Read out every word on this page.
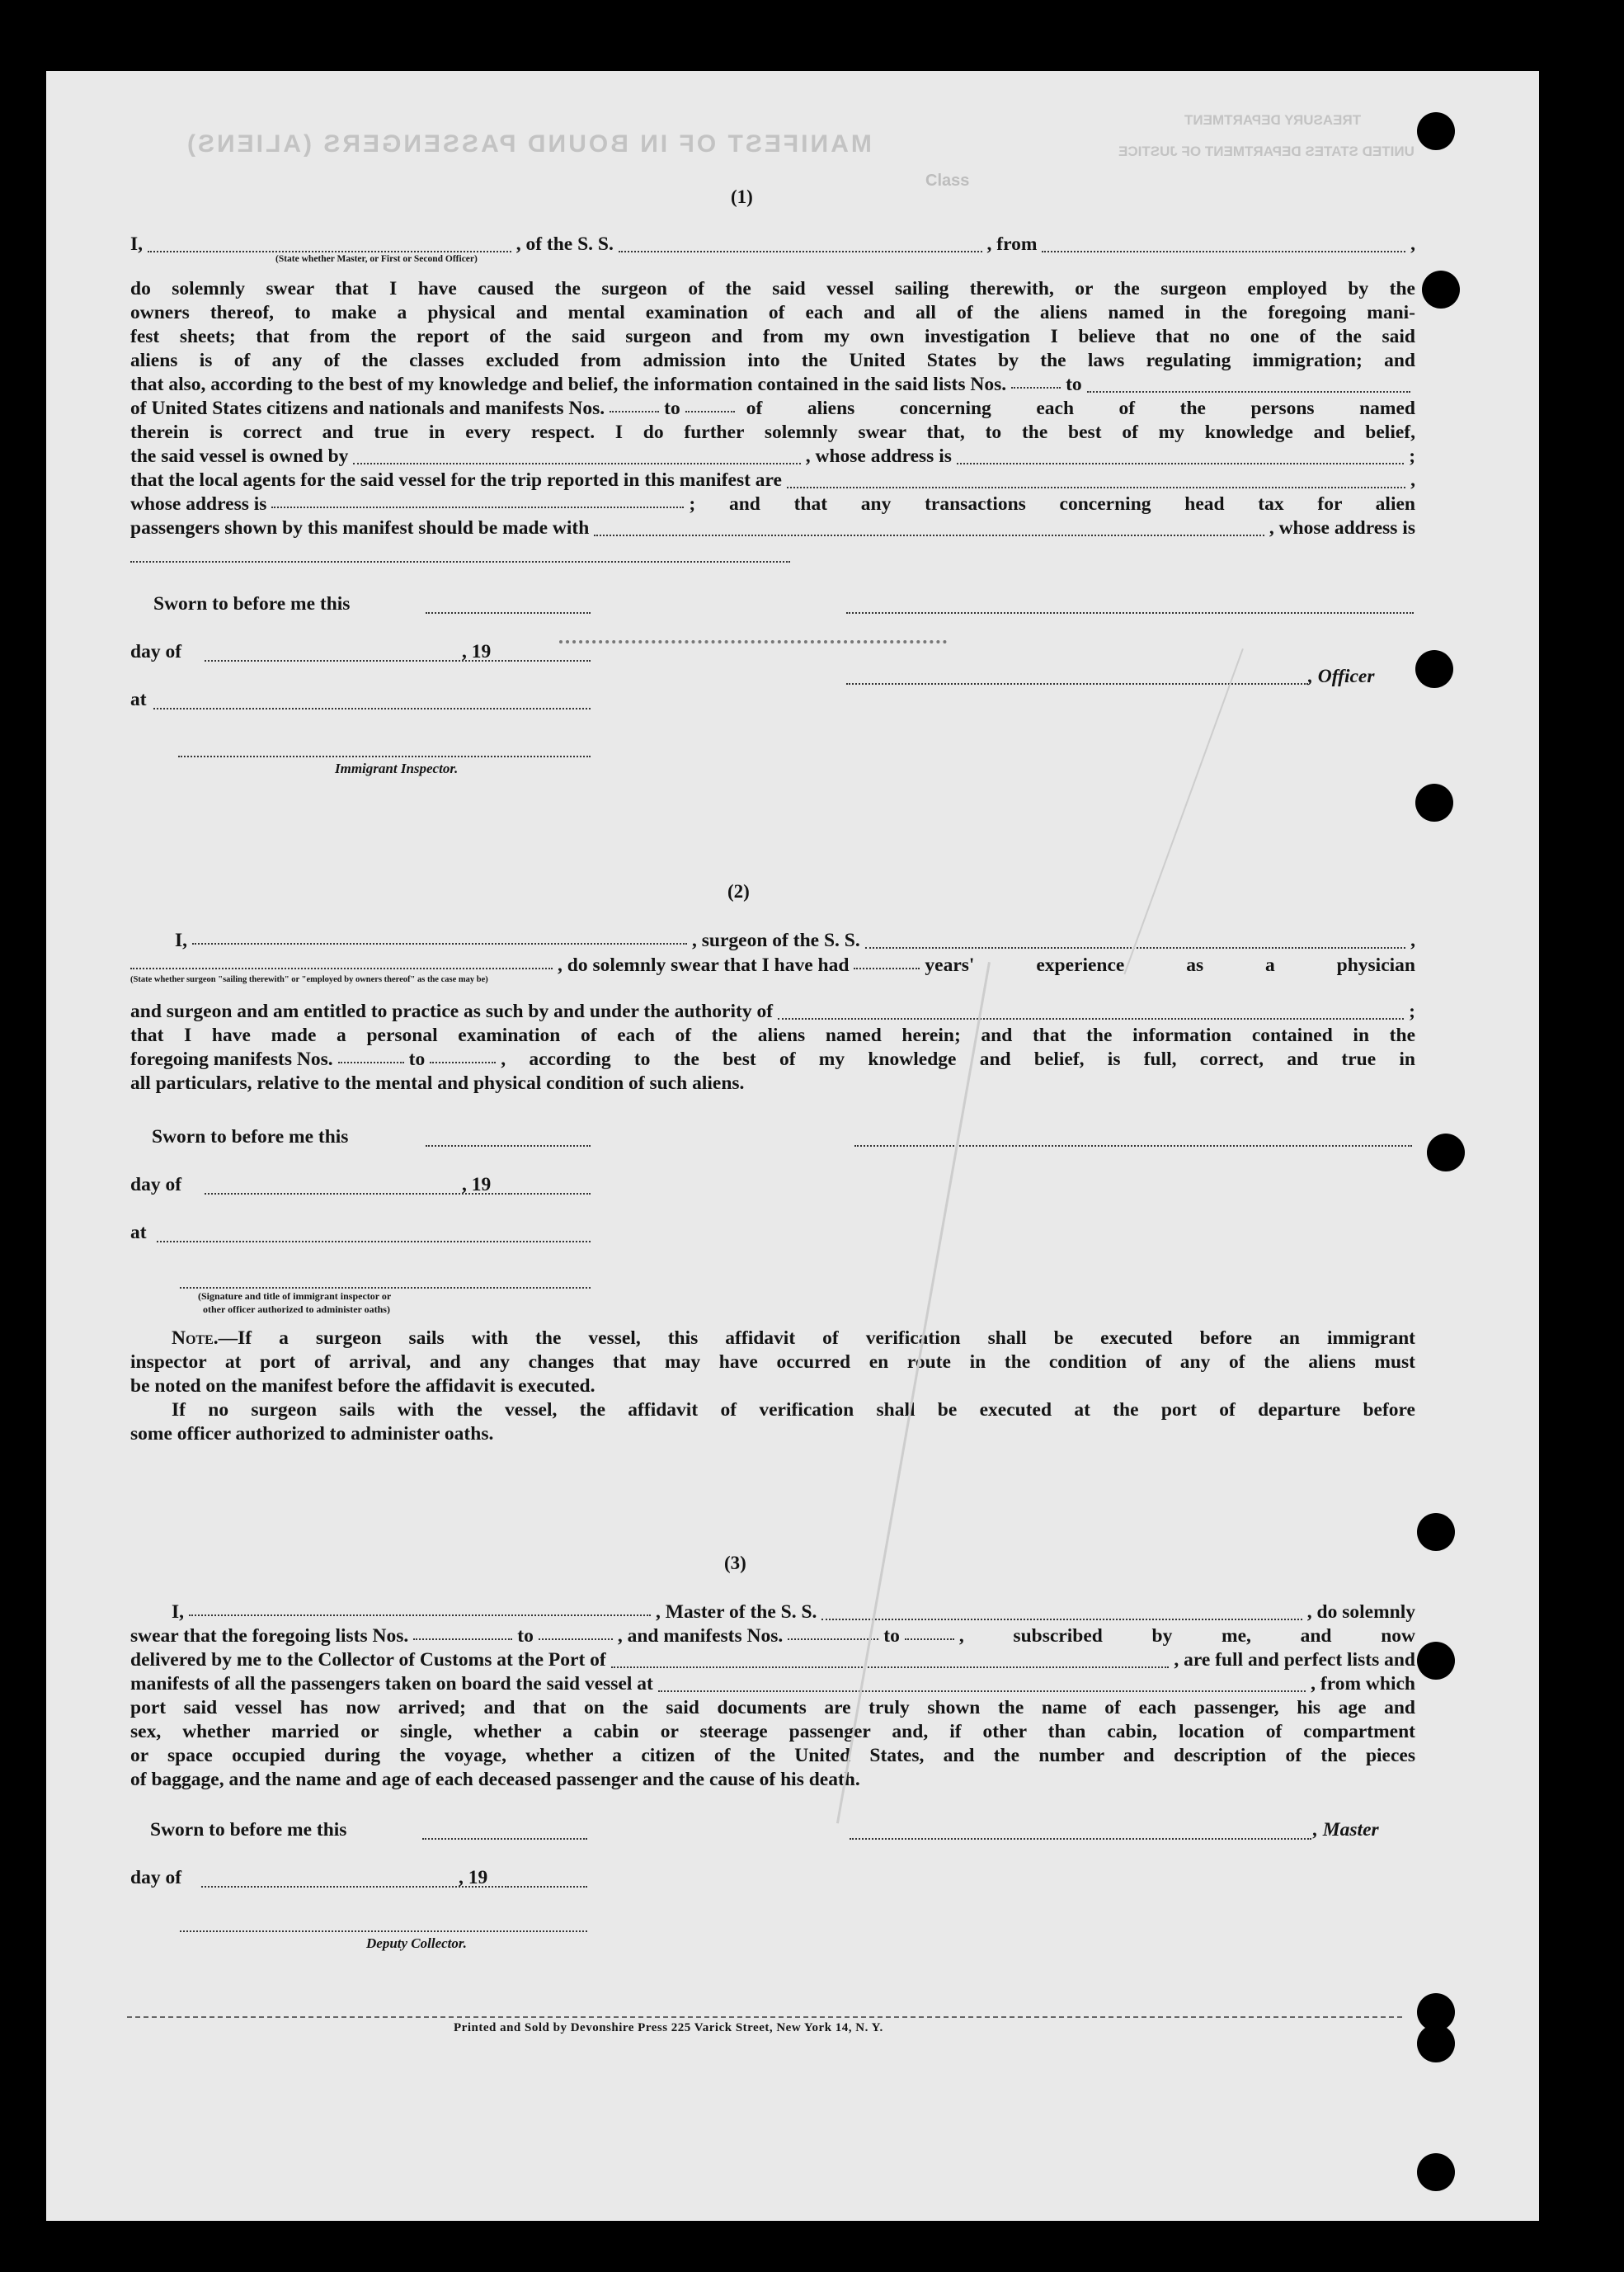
MANIFEST OF IN BOUND PASSENGERS (ALIENS)
TREASURY DEPARTMENT
UNITED STATES DEPARTMENT OF JUSTICE
Class
(1)
I,	, of the S. S.	, from	,
(State whether Master, or First or Second Officer)
do solemnly swear that I have caused the surgeon of the said vessel sailing therewith, or the surgeon employed by the
owners thereof, to make a physical and mental examination of each and all of the aliens named in the foregoing mani-
fest sheets; that from the report of the said surgeon and from my own investigation I believe that no one of the said
aliens is of any of the classes excluded from admission into the United States by the laws regulating immigration; and
that also, according to the best of my knowledge and belief, the information contained in the said lists Nos.	to
of United States citizens and nationals and manifests Nos.	to	of aliens concerning each of the persons named
therein is correct and true in every respect. I do further solemnly swear that, to the best of my knowledge and belief,
the said vessel is owned by	, whose address is	;
that the local agents for the said vessel for the trip reported in this manifest are	,
whose address is	; and that any transactions concerning head tax for alien
passengers shown by this manifest should be made with	, whose address is
Sworn to before me this
day of	, 19
, Officer
at
Immigrant Inspector.
(2)
I,	, surgeon of the S. S.	,
, do solemnly swear that I have had	years' experience as a physician
(State whether surgeon "sailing therewith" or "employed by owners thereof" as the case may be)
and surgeon and am entitled to practice as such by and under the authority of	;
that I have made a personal examination of each of the aliens named herein; and that the information contained in the
foregoing manifests Nos.	to	, according to the best of my knowledge and belief, is full, correct, and true in
all particulars, relative to the mental and physical condition of such aliens.
Sworn to before me this
day of	, 19
at
(Signature and title of immigrant inspector or
other officer authorized to administer oaths)
Note.—If a surgeon sails with the vessel, this affidavit of verification shall be executed before an immigrant
inspector at port of arrival, and any changes that may have occurred en route in the condition of any of the aliens must
be noted on the manifest before the affidavit is executed.
If no surgeon sails with the vessel, the affidavit of verification shall be executed at the port of departure before
some officer authorized to administer oaths.
(3)
I,	, Master of the S. S.	, do solemnly
swear that the foregoing lists Nos.	to	, and manifests Nos.	to	, subscribed by me, and now
delivered by me to the Collector of Customs at the Port of	, are full and perfect lists and
manifests of all the passengers taken on board the said vessel at	, from which
port said vessel has now arrived; and that on the said documents are truly shown the name of each passenger, his age and
sex, whether married or single, whether a cabin or steerage passenger and, if other than cabin, location of compartment
or space occupied during the voyage, whether a citizen of the United States, and the number and description of the pieces
of baggage, and the name and age of each deceased passenger and the cause of his death.
Sworn to before me this	, Master
day of	, 19
Deputy Collector.
Printed and Sold by Devonshire Press 225 Varick Street, New York 14, N. Y.
